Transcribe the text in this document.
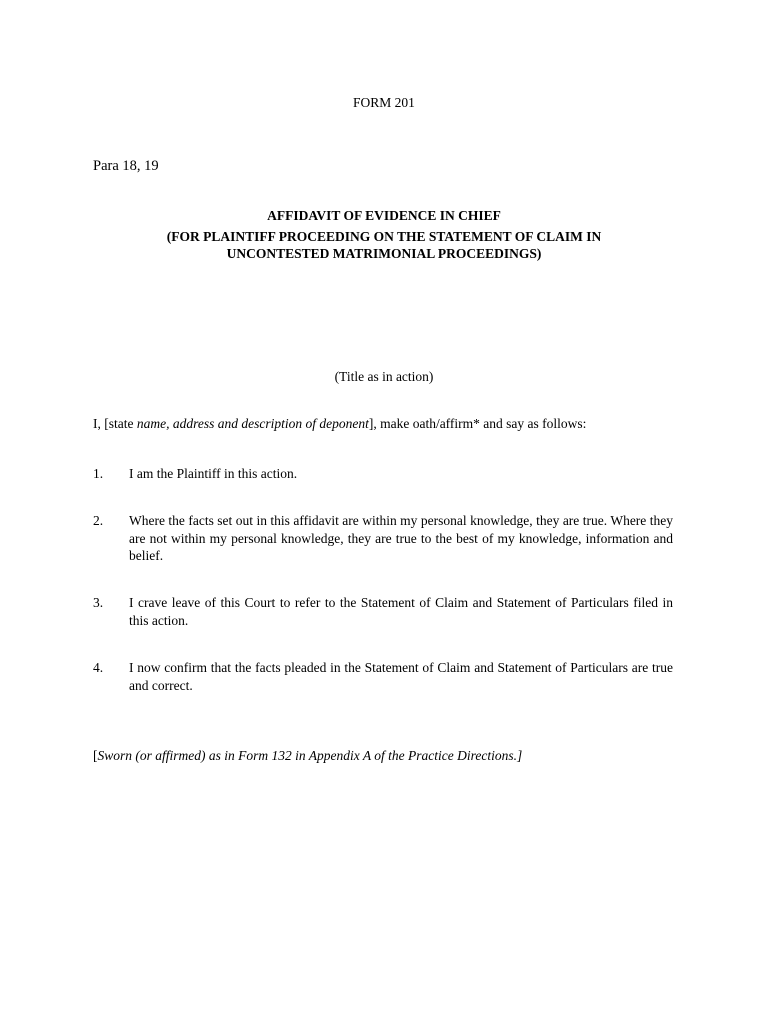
FORM 201
Para 18, 19
AFFIDAVIT OF EVIDENCE IN CHIEF
(FOR PLAINTIFF PROCEEDING ON THE STATEMENT OF CLAIM IN
UNCONTESTED MATRIMONIAL PROCEEDINGS)
(Title as in action)
I, [state name, address and description of deponent], make oath/affirm* and say as follows:
1.	I am the Plaintiff in this action.
2.	Where the facts set out in this affidavit are within my personal knowledge, they are true. Where they are not within my personal knowledge, they are true to the best of my knowledge, information and belief.
3.	I crave leave of this Court to refer to the Statement of Claim and Statement of Particulars filed in this action.
4.	I now confirm that the facts pleaded in the Statement of Claim and Statement of Particulars are true and correct.
[Sworn (or affirmed) as in Form 132 in Appendix A of the Practice Directions.]
